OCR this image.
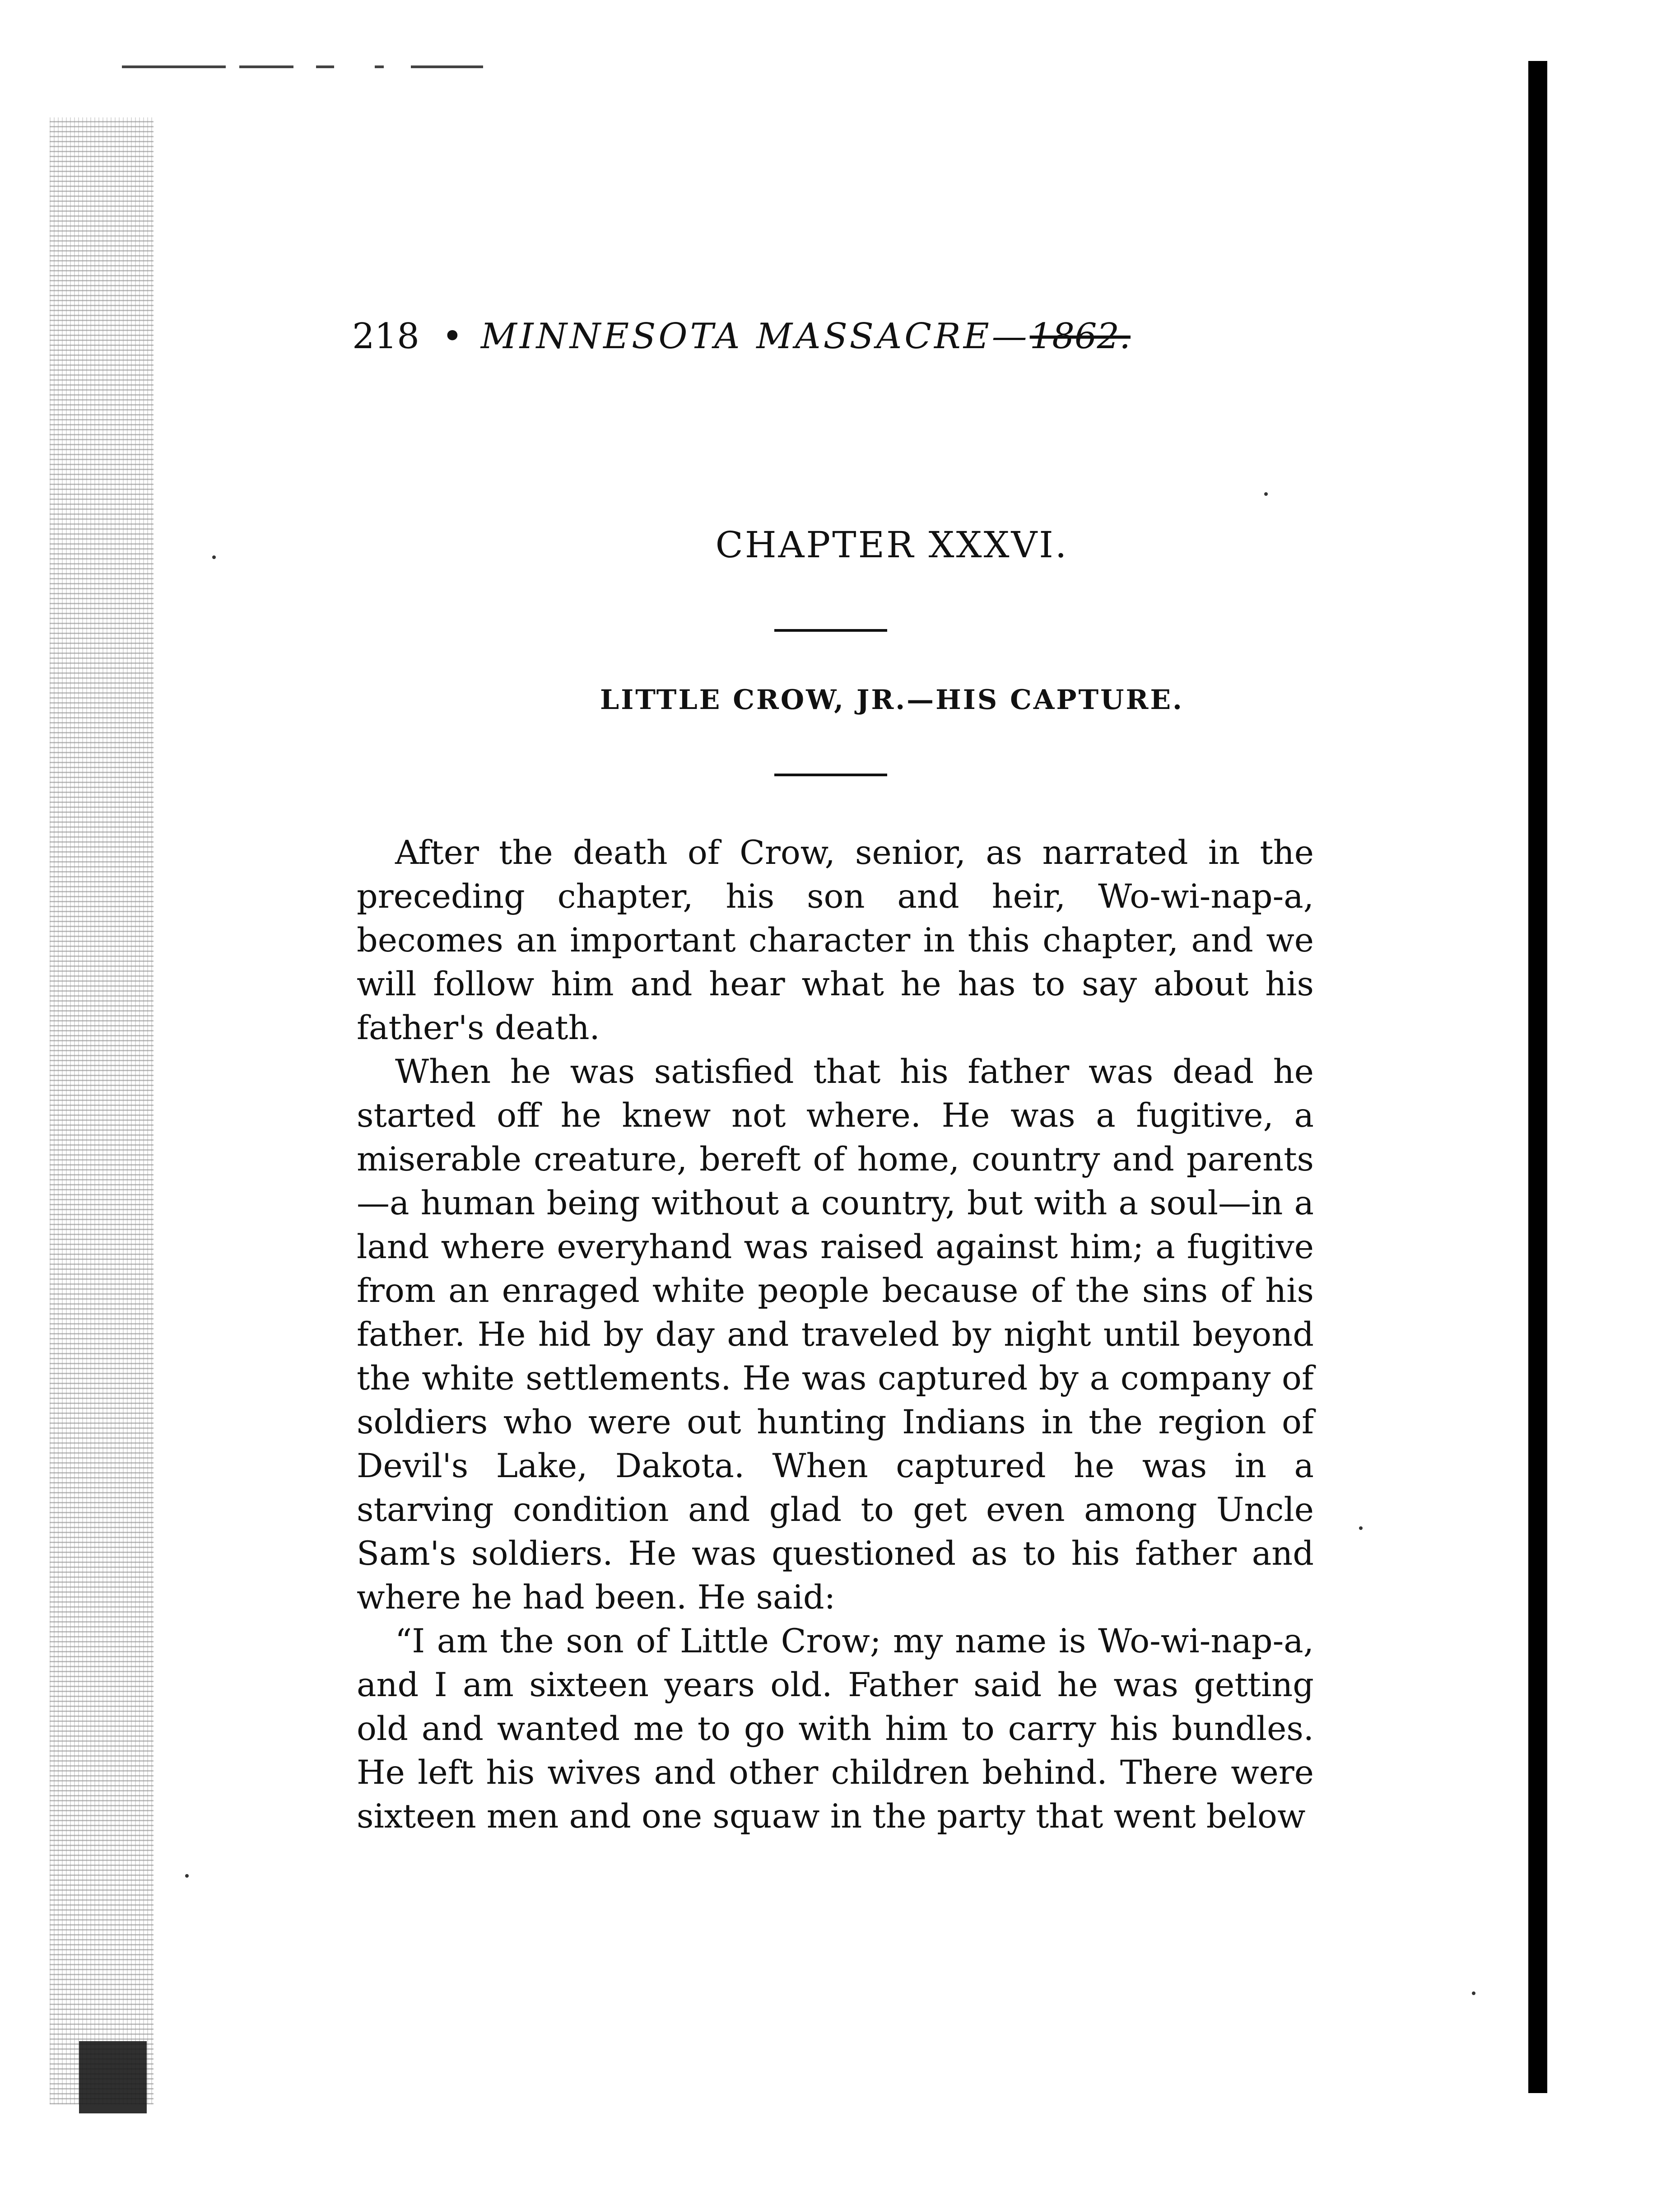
218 • MINNESOTA MASSACRE—1862.
CHAPTER XXXVI.
LITTLE CROW, JR.—HIS CAPTURE.

After the death of Crow, senior, as narrated in the preceding chapter, his son and heir, Wo-wi-nap-a, becomes an important character in this chapter, and we will follow him and hear what he has to say about his father's death.

When he was satisfied that his father was dead he started off he knew not where. He was a fugitive, a miserable creature, bereft of home, country and parents—a human being without a country, but with a soul—in a land where everyhand was raised against him; a fugitive from an enraged white people because of the sins of his father. He hid by day and traveled by night until beyond the white settlements. He was captured by a company of soldiers who were out hunting Indians in the region of Devil's Lake, Dakota. When captured he was in a starving condition and glad to get even among Uncle Sam's soldiers. He was questioned as to his father and where he had been. He said:

“I am the son of Little Crow; my name is Wo-wi-nap-a, and I am sixteen years old. Father said he was getting old and wanted me to go with him to carry his bundles. He left his wives and other children behind. There were sixteen men and one squaw in the party that went below
